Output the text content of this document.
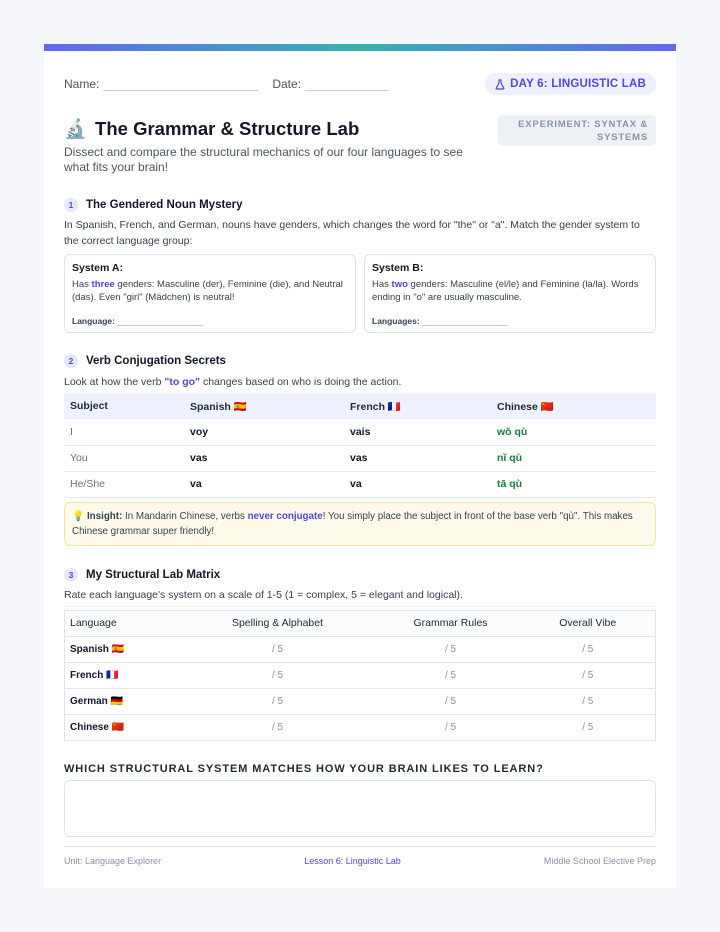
Name:	Date:	DAY 6: LINGUISTIC LAB
🔬 The Grammar & Structure Lab
Dissect and compare the structural mechanics of our four languages to see what fits your brain!
EXPERIMENT: SYNTAX &
SYSTEMS
1	The Gendered Noun Mystery
In Spanish, French, and German, nouns have genders, which changes the word for "the" or "a". Match the gender system to the correct language group:
System A:
Has three genders: Masculine (der), Feminine (die), and Neutral (das). Even "girl" (Mädchen) is neutral!
Language:
System B:
Has two genders: Masculine (el/le) and Feminine (la/la). Words ending in "o" are usually masculine.
Languages:
2	Verb Conjugation Secrets
Look at how the verb "to go" changes based on who is doing the action.
Subject	Spanish 🇪🇸	French 🇫🇷	Chinese 🇨🇳
I	voy	vais	wǒ qù
You	vas	vas	nǐ qù
He/She	va	va	tā qù
💡 Insight: In Mandarin Chinese, verbs never conjugate! You simply place the subject in front of the base verb "qù". This makes Chinese grammar super friendly!
3	My Structural Lab Matrix
Rate each language's system on a scale of 1-5 (1 = complex, 5 = elegant and logical).
Language	Spelling & Alphabet	Grammar Rules	Overall Vibe
Spanish 🇪🇸	/ 5	/ 5	/ 5
French 🇫🇷	/ 5	/ 5	/ 5
German 🇩🇪	/ 5	/ 5	/ 5
Chinese 🇨🇳	/ 5	/ 5	/ 5
WHICH STRUCTURAL SYSTEM MATCHES HOW YOUR BRAIN LIKES TO LEARN?
Unit: Language Explorer	Lesson 6: Linguistic Lab	Middle School Elective Prep
